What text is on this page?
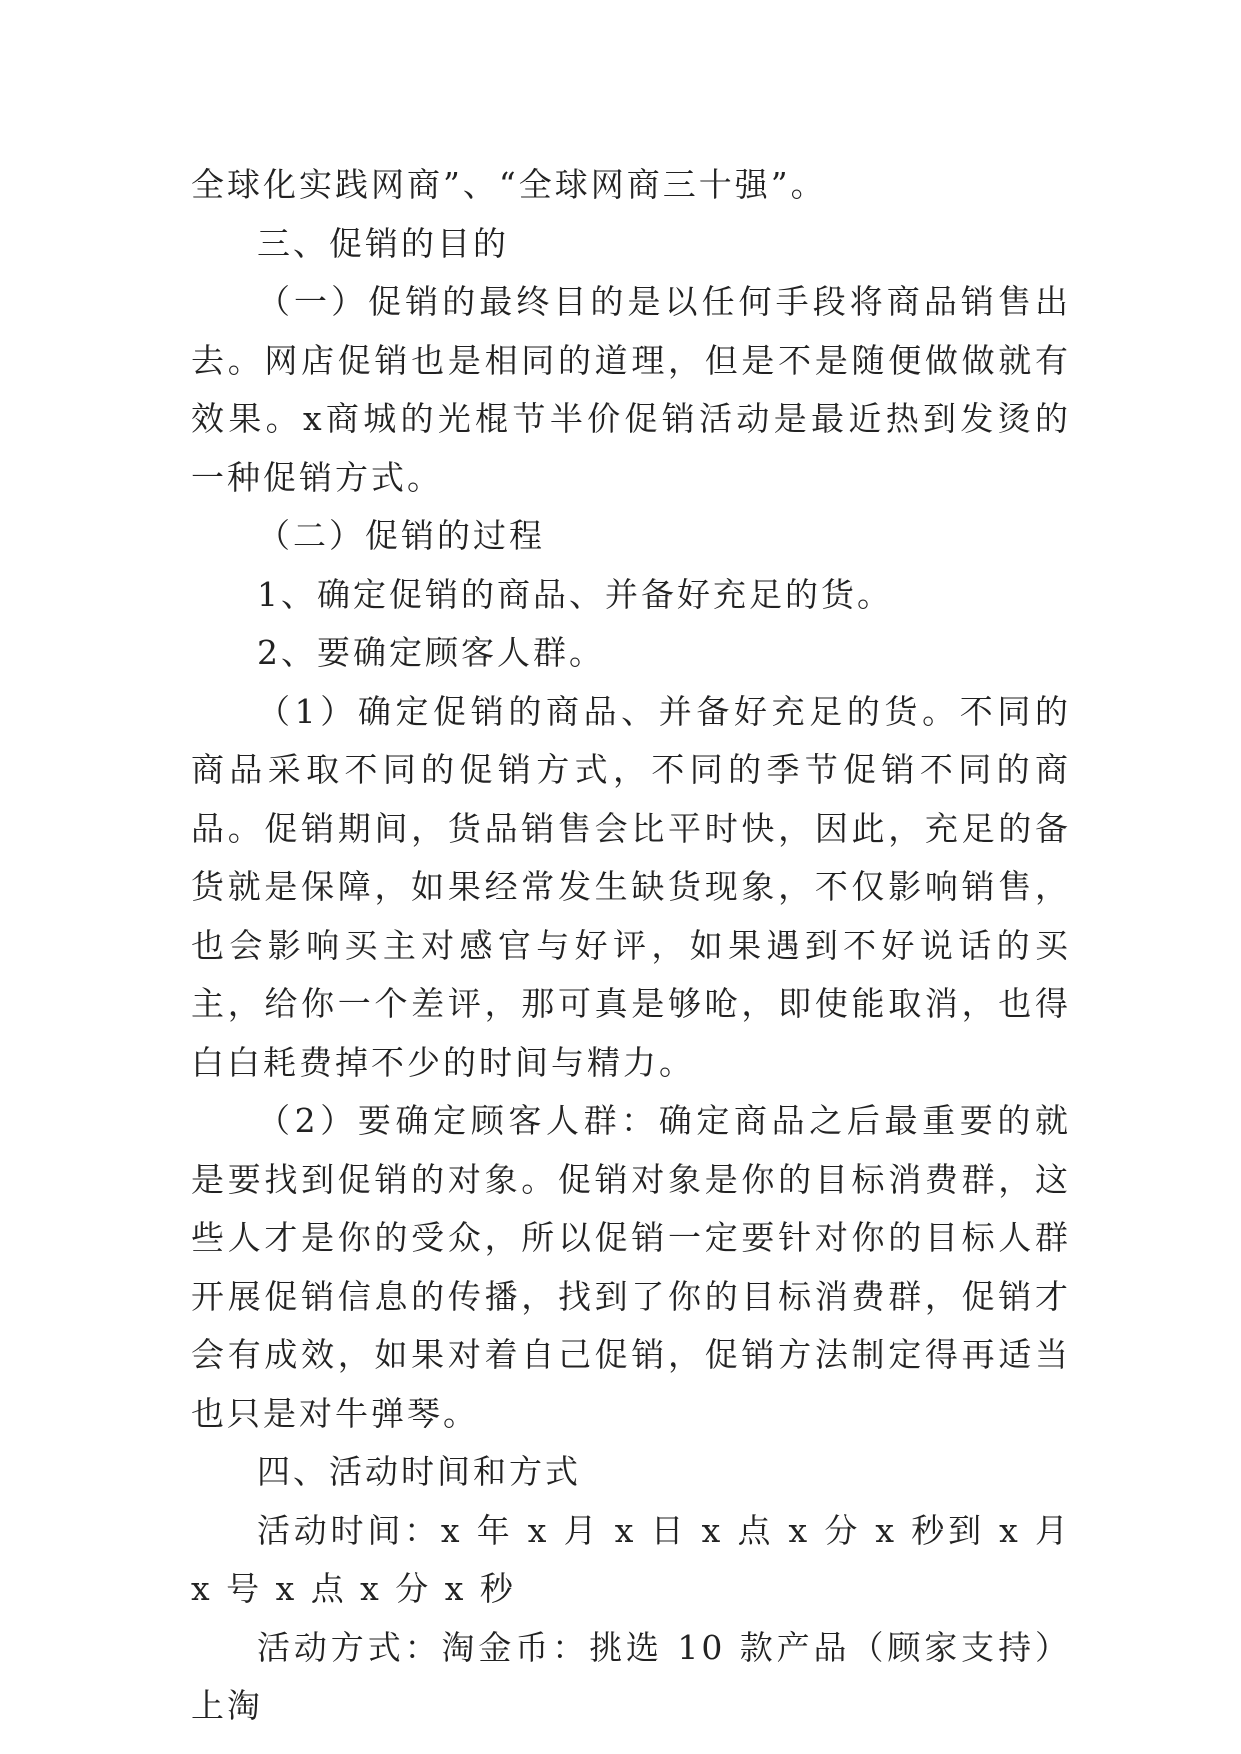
全球化实践网商”、“全球网商三十强”。

三、促销的目的

（一）促销的最终目的是以任何手段将商品销售出去。网店促销也是相同的道理，但是不是随便做做就有效果。x商城的光棍节半价促销活动是最近热到发烫的一种促销方式。

（二）促销的过程

1、确定促销的商品、并备好充足的货。

2、要确定顾客人群。

（1）确定促销的商品、并备好充足的货。不同的商品采取不同的促销方式，不同的季节促销不同的商品。促销期间，货品销售会比平时快，因此，充足的备货就是保障，如果经常发生缺货现象，不仅影响销售，也会影响买主对感官与好评，如果遇到不好说话的买主，给你一个差评，那可真是够呛，即使能取消，也得白白耗费掉不少的时间与精力。

（2）要确定顾客人群：确定商品之后最重要的就是要找到促销的对象。促销对象是你的目标消费群，这些人才是你的受众，所以促销一定要针对你的目标人群开展促销信息的传播，找到了你的目标消费群，促销才会有成效，如果对着自己促销，促销方法制定得再适当也只是对牛弹琴。

四、活动时间和方式

活动时间：x 年 x 月 x 日 x 点 x 分 x 秒到 x 月 x 号 x 点 x 分 x 秒

活动方式：淘金币：挑选 10 款产品（顾家支持）上淘
